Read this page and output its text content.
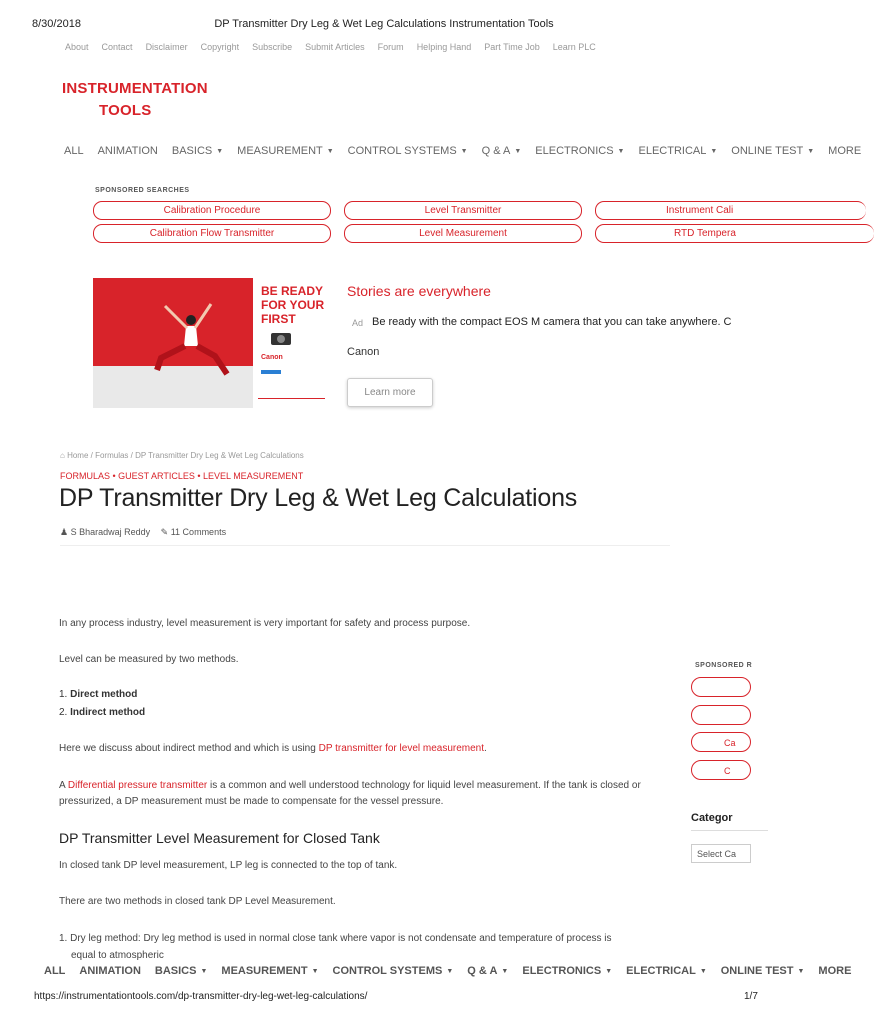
8/30/2018	DP Transmitter Dry Leg & Wet Leg Calculations Instrumentation Tools
About Contact Disclaimer Copyright Subscribe Submit Articles Forum Helping Hand Part Time Job Learn PLC
INSTRUMENTATION
TOOLS
ALL ANIMATION BASICS ▼ MEASUREMENT ▼ CONTROL SYSTEMS ▼ Q & A ▼ ELECTRONICS ▼ ELECTRICAL ▼ ONLINE TEST ▼ MORE
SPONSORED SEARCHES
Calibration Procedure	Level Transmitter	Instrument Cali
Calibration Flow Transmitter	Level Measurement	RTD Tempera
BE READY
FOR YOUR
FIRST
Canon
Stories are everywhere
Ad Be ready with the compact EOS M camera that you can take anywhere. C
Canon
Learn more
⌂ Home / Formulas / DP Transmitter Dry Leg & Wet Leg Calculations
FORMULAS • GUEST ARTICLES • LEVEL MEASUREMENT
DP Transmitter Dry Leg & Wet Leg Calculations
♟ S Bharadwaj Reddy ✎ 11 Comments

In any process industry, level measurement is very important for safety and process purpose.

Level can be measured by two methods.

1. Direct method
2. Indirect method

Here we discuss about indirect method and which is using DP transmitter for level measurement.

A Differential pressure transmitter is a common and well understood technology for liquid level measurement. If the tank is closed or pressurized, a DP measurement must be made to compensate for the vessel pressure.

DP Transmitter Level Measurement for Closed Tank

In closed tank DP level measurement, LP leg is connected to the top of tank.

There are two methods in closed tank DP Level Measurement.

1. Dry leg method: Dry leg method is used in normal close tank where vapor is not condensate and temperature of process is

equal to atmospheric
SPONSORED R
Ca
C
Categor
Select Ca
ALL ANIMATION BASICS ▼ MEASUREMENT ▼ CONTROL SYSTEMS ▼ Q & A ▼ ELECTRONICS ▼ ELECTRICAL ▼ ONLINE TEST ▼ MORE
https://instrumentationtools.com/dp-transmitter-dry-leg-wet-leg-calculations/	1/7
